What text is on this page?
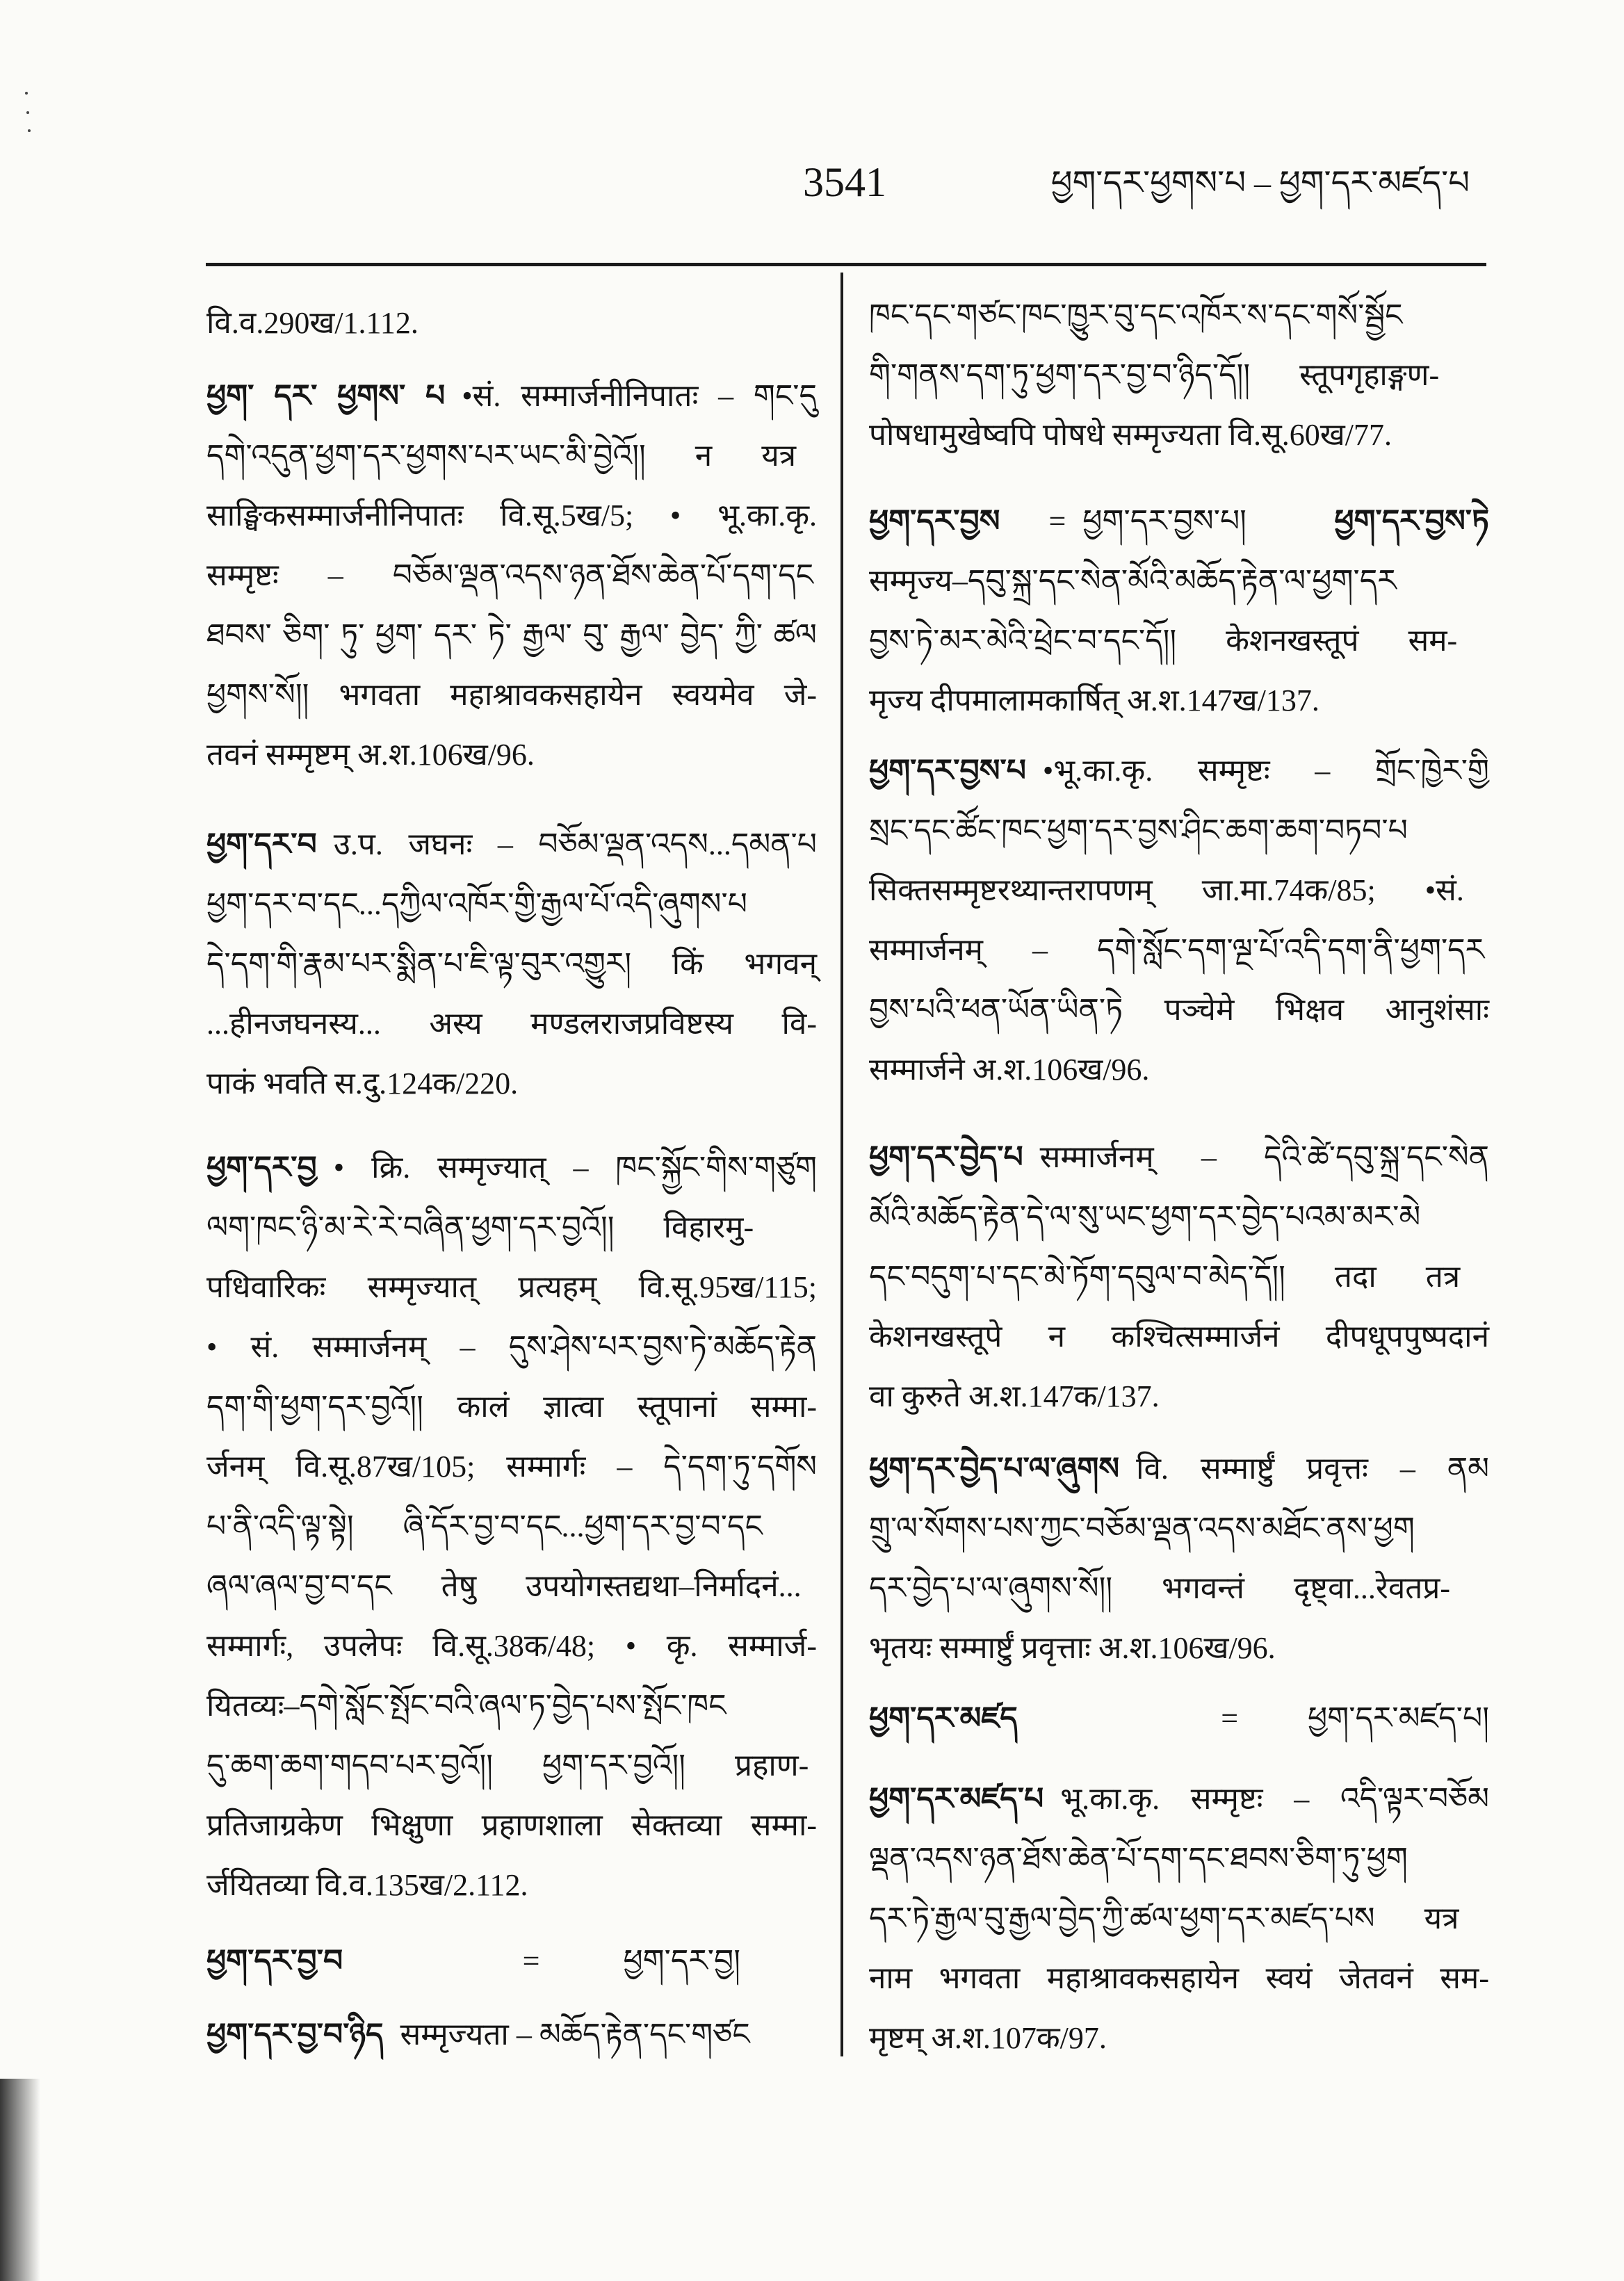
3541	ཕྱག་དར་ཕྱགས་པ – ཕྱག་དར་མཛད་པ
वि.व.290ख/1.112.
ཕྱག་ དར་ ཕྱགས་ པ •सं. सम्मार्जनीनिपातः – གང་དུ
དགེ་འདུན་ཕྱག་དར་ཕྱགས་པར་ཡང་མི་བྱེའོ།། न यत्र
साङ्घिकसम्मार्जनीनिपातः वि.सू.5ख/5; • भू.का.कृ.
सम्मृष्टः – བཅོམ་ལྡན་འདས་ཉན་ཐོས་ཆེན་པོ་དག་དང
ཐབས་ ཅིག་ ཏུ་ ཕྱག་ དར་ ཏེ་ རྒྱལ་ བུ་ རྒྱལ་ བྱེད་ ཀྱི་ ཚལ
ཕྱགས་སོ།། भगवता महाश्रावकसहायेन स्वयमेव जे-
तवनं सम्मृष्टम् अ.श.106ख/96.
ཕྱག་དར་བ उ.प. जघनः – བཅོམ་ལྡན་འདས...དམན་པ
ཕྱག་དར་བ་དང...དཀྱིལ་འཁོར་གྱི་རྒྱལ་པོ་འདི་ཞུགས་པ
དེ་དག་གི་རྣམ་པར་སྨིན་པ་ཇི་ལྟ་བུར་འགྱུར། किं भगवन्
...हीनजघनस्य... अस्य मण्डलराजप्रविष्टस्य वि-
पाकं भवति स.दु.124क/220.
ཕྱག་དར་བྱ • क्रि. सम्मृज्यात् – ཁང་སྐྱོང་གིས་གཙུག
ལག་ཁང་ཉི་མ་རེ་རེ་བཞིན་ཕྱག་དར་བྱའོ།། विहारमु-
पधिवारिकः सम्मृज्यात् प्रत्यहम् वि.सू.95ख/115;
• सं. सम्मार्जनम् – དུས་ཤེས་པར་བྱས་ཏེ་མཆོད་རྟེན
དག་གི་ཕྱག་དར་བྱའོ།། कालं ज्ञात्वा स्तूपानां सम्मा-
र्जनम् वि.सू.87ख/105; सम्मार्गः – དེ་དག་ཏུ་དགོས
པ་ནི་འདི་ལྟ་སྟེ། ཞི་དོར་བྱ་བ་དང...ཕྱག་དར་བྱ་བ་དང
ཞལ་ཞལ་བྱ་བ་དང तेषु उपयोगस्तद्यथा–निर्मादनं...
सम्मार्गः, उपलेपः वि.सू.38क/48; • कृ. सम्मार्ज-
यितव्यः–དགེ་སློང་སྤོང་བའི་ཞལ་ཏ་བྱེད་པས་སྤོང་ཁང
དུ་ཆག་ཆག་གདབ་པར་བྱའོ།། ཕྱག་དར་བྱའོ།། प्रहाण-
प्रतिजाग्रकेण भिक्षुणा प्रहाणशाला सेक्तव्या सम्मा-
र्जयितव्या वि.व.135ख/2.112.
ཕྱག་དར་བྱ་བ	=	ཕྱག་དར་བྱ།
ཕྱག་དར་བྱ་བ་ཉིད सम्मृज्यता – མཆོད་རྟེན་དང་གཙང
ཁང་དང་གཙང་ཁང་ཁྱུར་བུ་དང་འཁོར་ས་དང་གསོ་སྦྱོང
གི་གནས་དག་ཏུ་ཕྱག་དར་བྱ་བ་ཉིད་དོ།། स्तूपगृहाङ्गण-
पोषधामुखेष्वपि पोषधे सम्मृज्यता वि.सू.60ख/77.
ཕྱག་དར་བྱས = ཕྱག་དར་བྱས་པ།	ཕྱག་དར་བྱས་ཏེ
सम्मृज्य–དབུ་སྐྲ་དང་སེན་མོའི་མཆོད་རྟེན་ལ་ཕྱག་དར
བྱས་ཏེ་མར་མེའི་ཕྲེང་བ་དང་དོ།། केशनखस्तूपं सम-
मृज्य दीपमालामकार्षित् अ.श.147ख/137.
ཕྱག་དར་བྱས་པ •भू.का.कृ. सम्मृष्टः – གྲོང་ཁྱེར་གྱི
སྲང་དང་ཚོང་ཁང་ཕྱག་དར་བྱས་ཤིང་ཆག་ཆག་བཏབ་པ
सिक्तसम्मृष्टरथ्यान्तरापणम् जा.मा.74क/85; •सं.
सम्मार्जनम् – དགེ་སློང་དག་ལྔ་པོ་འདི་དག་ནི་ཕྱག་དར
བྱས་པའི་ཕན་ཡོན་ཡིན་ཏེ पञ्चेमे भिक्षव आनुशंसाः
सम्मार्जने अ.श.106ख/96.
ཕྱག་དར་བྱེད་པ सम्मार्जनम् – དེའི་ཚེ་དབུ་སྐྲ་དང་སེན
མོའི་མཆོད་རྟེན་དེ་ལ་སུ་ཡང་ཕྱག་དར་བྱེད་པའམ་མར་མེ
དང་བདུག་པ་དང་མེ་ཏོག་དབུལ་བ་མེད་དོ།། तदा तत्र
केशनखस्तूपे न कश्चित्सम्मार्जनं दीपधूपपुष्पदानं
वा कुरुते अ.श.147क/137.
ཕྱག་དར་བྱེད་པ་ལ་ཞུགས वि. सम्मार्ष्टुं प्रवृत्तः – ནམ
གྲུ་ལ་སོགས་པས་ཀྱང་བཅོམ་ལྡན་འདས་མཐོང་ནས་ཕྱག
དར་བྱེད་པ་ལ་ཞུགས་སོ།། भगवन्तं दृष्ट्वा...रेवतप्र-
भृतयः सम्मार्ष्टुं प्रवृत्ताः अ.श.106ख/96.
ཕྱག་དར་མཛད	= ཕྱག་དར་མཛད་པ།
ཕྱག་དར་མཛད་པ भू.का.कृ. सम्मृष्टः – འདི་ལྟར་བཅོམ
ལྡན་འདས་ཉན་ཐོས་ཆེན་པོ་དག་དང་ཐབས་ཅིག་ཏུ་ཕྱག
དར་ཏེ་རྒྱལ་བུ་རྒྱལ་བྱེད་ཀྱི་ཚལ་ཕྱག་དར་མཛད་པས यत्र
नाम भगवता महाश्रावकसहायेन स्वयं जेतवनं सम-
मृष्टम् अ.श.107क/97.
